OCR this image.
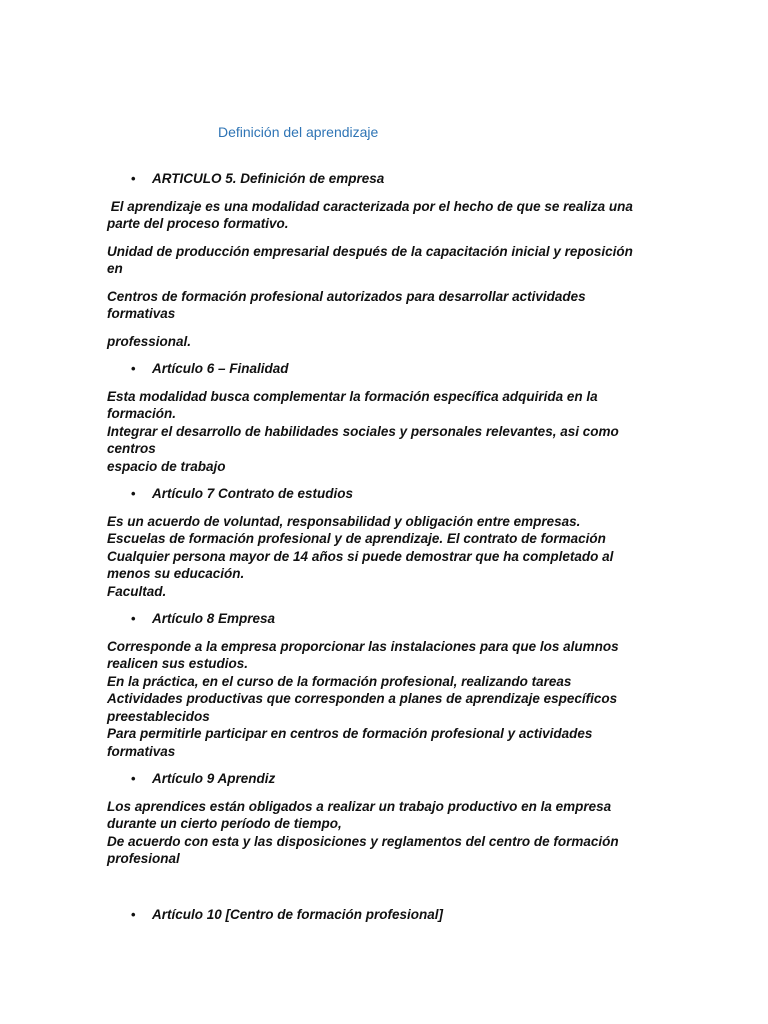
Definición del aprendizaje
• ARTICULO 5. Definición de empresa
El aprendizaje es una modalidad caracterizada por el hecho de que se realiza una
parte del proceso formativo.
Unidad de producción empresarial después de la capacitación inicial y reposición
en
Centros de formación profesional autorizados para desarrollar actividades
formativas
professional.
• Artículo 6 – Finalidad
Esta modalidad busca complementar la formación específica adquirida en la
formación.
Integrar el desarrollo de habilidades sociales y personales relevantes, asi como
centros
espacio de trabajo
• Artículo 7 Contrato de estudios
Es un acuerdo de voluntad, responsabilidad y obligación entre empresas.
Escuelas de formación profesional y de aprendizaje. El contrato de formación
Cualquier persona mayor de 14 años si puede demostrar que ha completado al
menos su educación.
Facultad.
• Artículo 8 Empresa
Corresponde a la empresa proporcionar las instalaciones para que los alumnos
realicen sus estudios.
En la práctica, en el curso de la formación profesional, realizando tareas
Actividades productivas que corresponden a planes de aprendizaje específicos
preestablecidos
Para permitirle participar en centros de formación profesional y actividades
formativas
• Artículo 9 Aprendiz
Los aprendices están obligados a realizar un trabajo productivo en la empresa
durante un cierto período de tiempo,
De acuerdo con esta y las disposiciones y reglamentos del centro de formación
profesional
• Artículo 10 [Centro de formación profesional]
